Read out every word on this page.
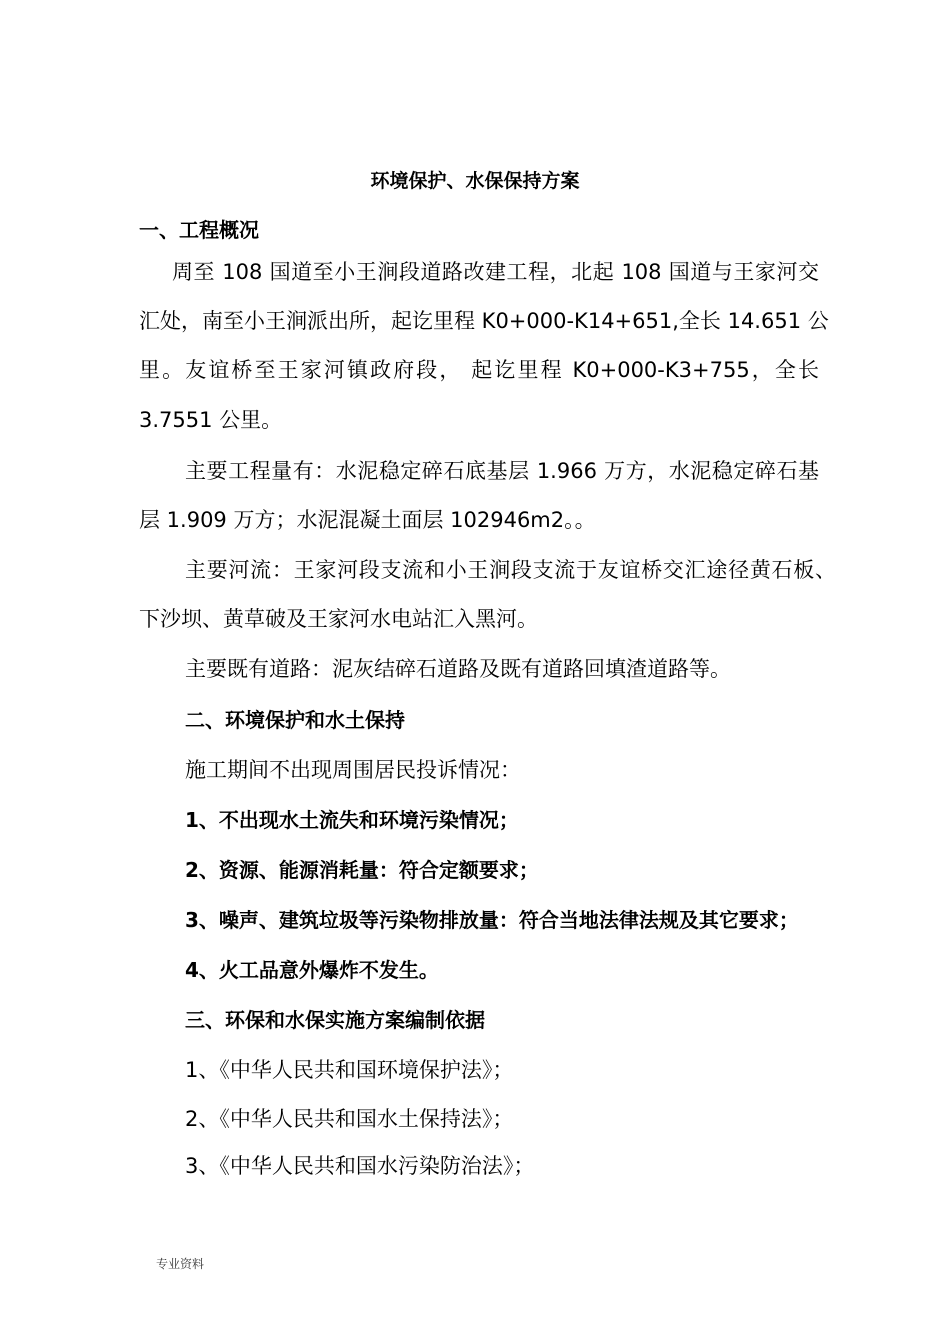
环境保护、水保保持方案
一、工程概况
周至 108 国道至小王涧段道路改建工程，北起 108 国道与王家河交
汇处，南至小王涧派出所，起讫里程 K0+000-K14+651,全长 14.651 公
里。友谊桥至王家河镇政府段， 起讫里程 K0+000-K3+755，全长
3.7551 公里。
主要工程量有：水泥稳定碎石底基层 1.966 万方，水泥稳定碎石基
层 1.909 万方；水泥混凝土面层 102946m2。。
主要河流：王家河段支流和小王涧段支流于友谊桥交汇途径黄石板、
下沙坝、黄草破及王家河水电站汇入黑河。
主要既有道路：泥灰结碎石道路及既有道路回填渣道路等。
二、环境保护和水土保持
施工期间不出现周围居民投诉情况：
1、不出现水土流失和环境污染情况；
2、资源、能源消耗量：符合定额要求；
3、噪声、建筑垃圾等污染物排放量：符合当地法律法规及其它要求；
4、火工品意外爆炸不发生。
三、环保和水保实施方案编制依据
1、《中华人民共和国环境保护法》；
2、《中华人民共和国水土保持法》；
3、《中华人民共和国水污染防治法》；
专业资料
